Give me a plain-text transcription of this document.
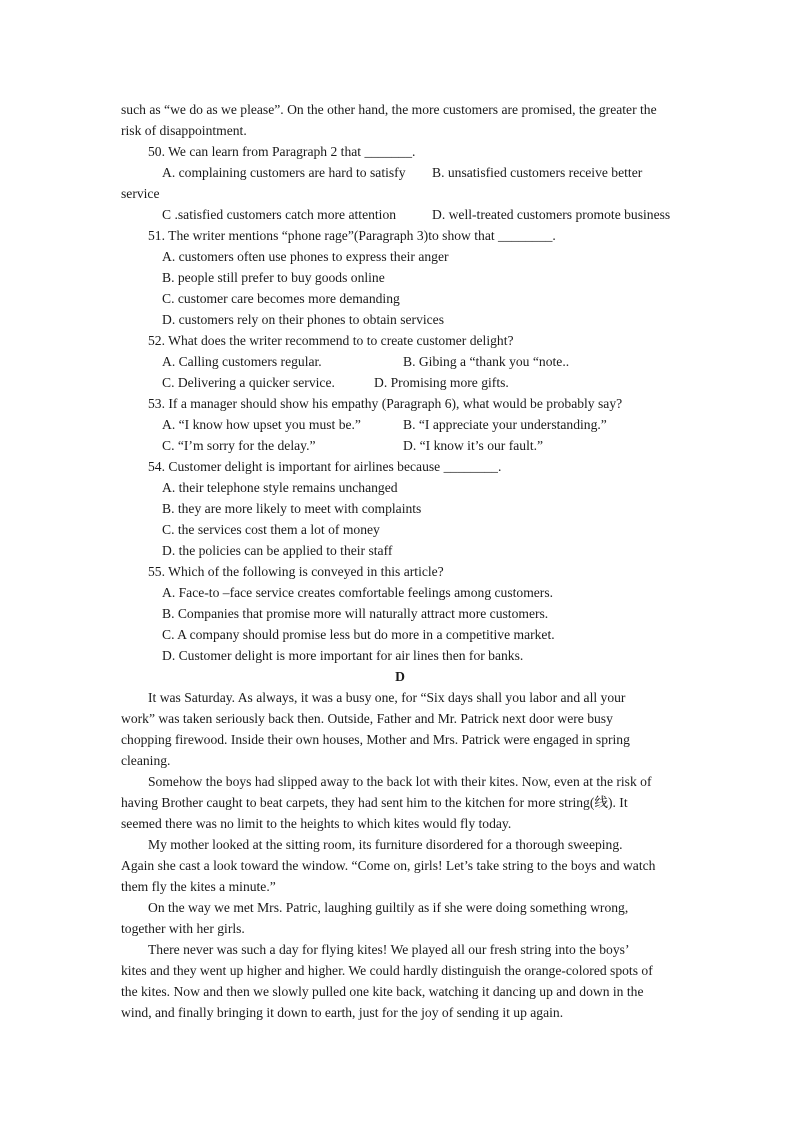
such as “we do as we please”. On the other hand, the more customers are promised, the greater the
risk of disappointment.
50. We can learn from Paragraph 2 that _______.
A. complaining customers are hard to satisfy B. unsatisfied customers receive better
service
C .satisfied customers catch more attention	D. well-treated customers promote business
51. The writer mentions “phone rage”(Paragraph 3)to show that ________.
A. customers often use phones to express their anger
B. people still prefer to buy goods online
C. customer care becomes more demanding
D. customers rely on their phones to obtain services
52. What does the writer recommend to to create customer delight?
A. Calling customers regular.	B. Gibing a “thank you “note..
C. Delivering a quicker service.	D. Promising more gifts.
53. If a manager should show his empathy (Paragraph 6), what would be probably say?
A. “I know how upset you must be.”	B. “I appreciate your understanding.”
C. “I’m sorry for the delay.”	D. “I know it’s our fault.”
54. Customer delight is important for airlines because ________.
A. their telephone style remains unchanged
B. they are more likely to meet with complaints
C. the services cost them a lot of money
D. the policies can be applied to their staff
55. Which of the following is conveyed in this article?
A. Face-to –face service creates comfortable feelings among customers.
B. Companies that promise more will naturally attract more customers.
C. A company should promise less but do more in a competitive market.
D. Customer delight is more important for air lines then for banks.
D
It was Saturday. As always, it was a busy one, for “Six days shall you labor and all your
work” was taken seriously back then. Outside, Father and Mr. Patrick next door were busy
chopping firewood. Inside their own houses, Mother and Mrs. Patrick were engaged in spring
cleaning.
Somehow the boys had slipped away to the back lot with their kites. Now, even at the risk of
having Brother caught to beat carpets, they had sent him to the kitchen for more string(线). It
seemed there was no limit to the heights to which kites would fly today.
My mother looked at the sitting room, its furniture disordered for a thorough sweeping.
Again she cast a look toward the window. “Come on, girls! Let’s take string to the boys and watch
them fly the kites a minute.”
On the way we met Mrs. Patric, laughing guiltily as if she were doing something wrong,
together with her girls.
There never was such a day for flying kites! We played all our fresh string into the boys’
kites and they went up higher and higher. We could hardly distinguish the orange-colored spots of
the kites. Now and then we slowly pulled one kite back, watching it dancing up and down in the
wind, and finally bringing it down to earth, just for the joy of sending it up again.
